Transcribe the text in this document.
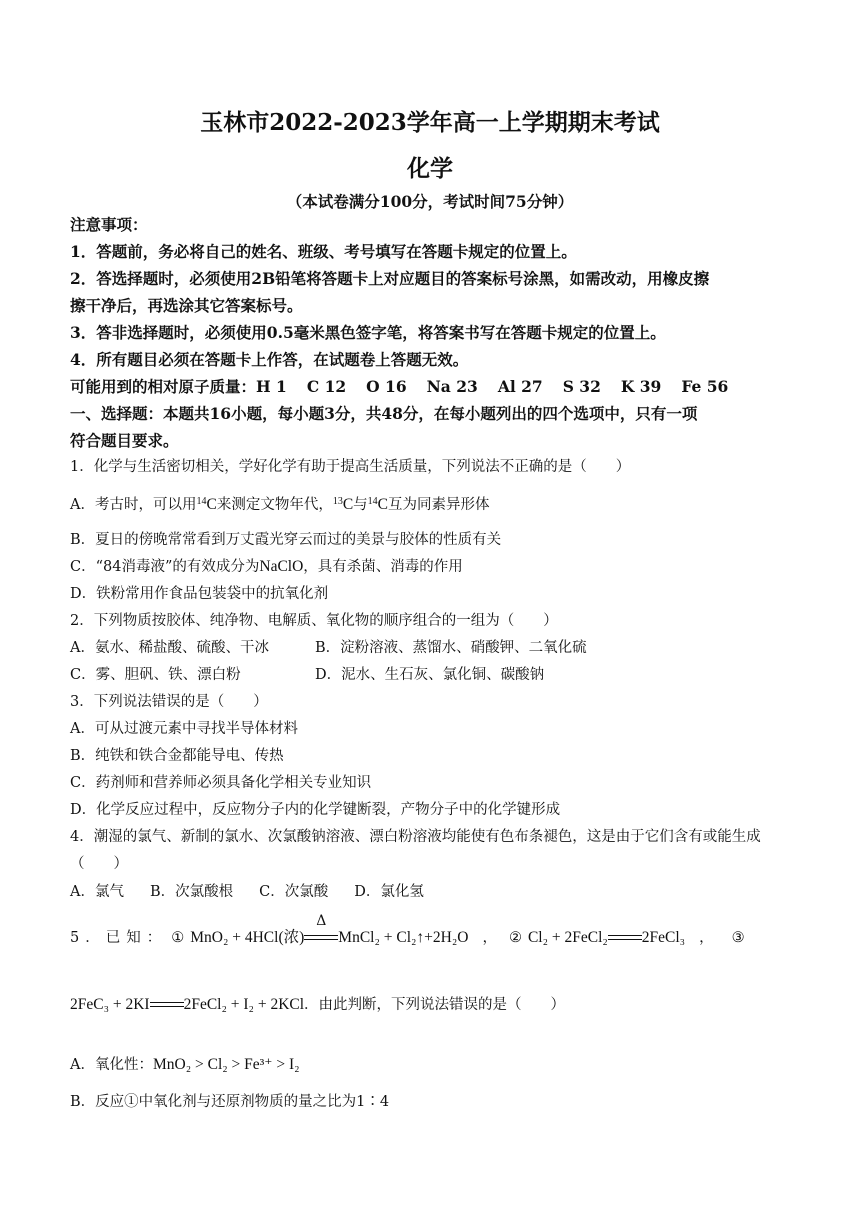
玉林市2022-2023学年高一上学期期末考试
化学
（本试卷满分100分，考试时间75分钟）
注意事项：
1．答题前，务必将自己的姓名、班级、考号填写在答题卡规定的位置上。
2．答选择题时，必须使用2B铅笔将答题卡上对应题目的答案标号涂黑，如需改动，用橡皮擦
擦干净后，再选涂其它答案标号。
3．答非选择题时，必须使用0.5毫米黑色签字笔，将答案书写在答题卡规定的位置上。
4．所有题目必须在答题卡上作答，在试题卷上答题无效。
可能用到的相对原子质量：H 1 C 12 O 16 Na 23 Al 27 S 32 K 39 Fe 56
一、选择题：本题共16小题，每小题3分，共48分，在每小题列出的四个选项中，只有一项
符合题目要求。
1．化学与生活密切相关，学好化学有助于提高生活质量，下列说法不正确的是（　　）
A．考古时，可以用$^{14}$C来测定文物年代，$^{13}$C与$^{14}$C互为同素异形体
B．夏日的傍晚常常看到万丈霞光穿云而过的美景与胶体的性质有关
C．“84消毒液”的有效成分为NaClO，具有杀菌、消毒的作用
D．铁粉常用作食品包装袋中的抗氧化剂
2．下列物质按胶体、纯净物、电解质、氧化物的顺序组合的一组为（　　）
A．氨水、稀盐酸、硫酸、干冰	B．淀粉溶液、蒸馏水、硝酸钾、二氧化硫
C．雾、胆矾、铁、漂白粉	D．泥水、生石灰、氯化铜、碳酸钠
3．下列说法错误的是（　　）
A．可从过渡元素中寻找半导体材料
B．纯铁和铁合金都能导电、传热
C．药剂师和营养师必须具备化学相关专业知识
D．化学反应过程中，反应物分子内的化学键断裂，产物分子中的化学键形成
4．潮湿的氯气、新制的氯水、次氯酸钠溶液、漂白粉溶液均能使有色布条褪色，这是由于它们含有或能生成
（　　）
A．氯气 B．次氯酸根 C．次氯酸 D．氯化氢
5．已知： ① MnO₂ + 4HCl(浓)
Δ
MnCl₂ + Cl₂↑+2H₂O ， ② Cl₂ + 2FeCl₂ 2FeCl₃ ， ③
2FeC₃ + 2KI 2FeCl₂ + I₂ + 2KCl．由此判断，下列说法错误的是（　　）
A．氧化性：MnO₂ > Cl₂ > Fe³⁺ > I₂
B．反应①中氧化剂与还原剂物质的量之比为1∶4
